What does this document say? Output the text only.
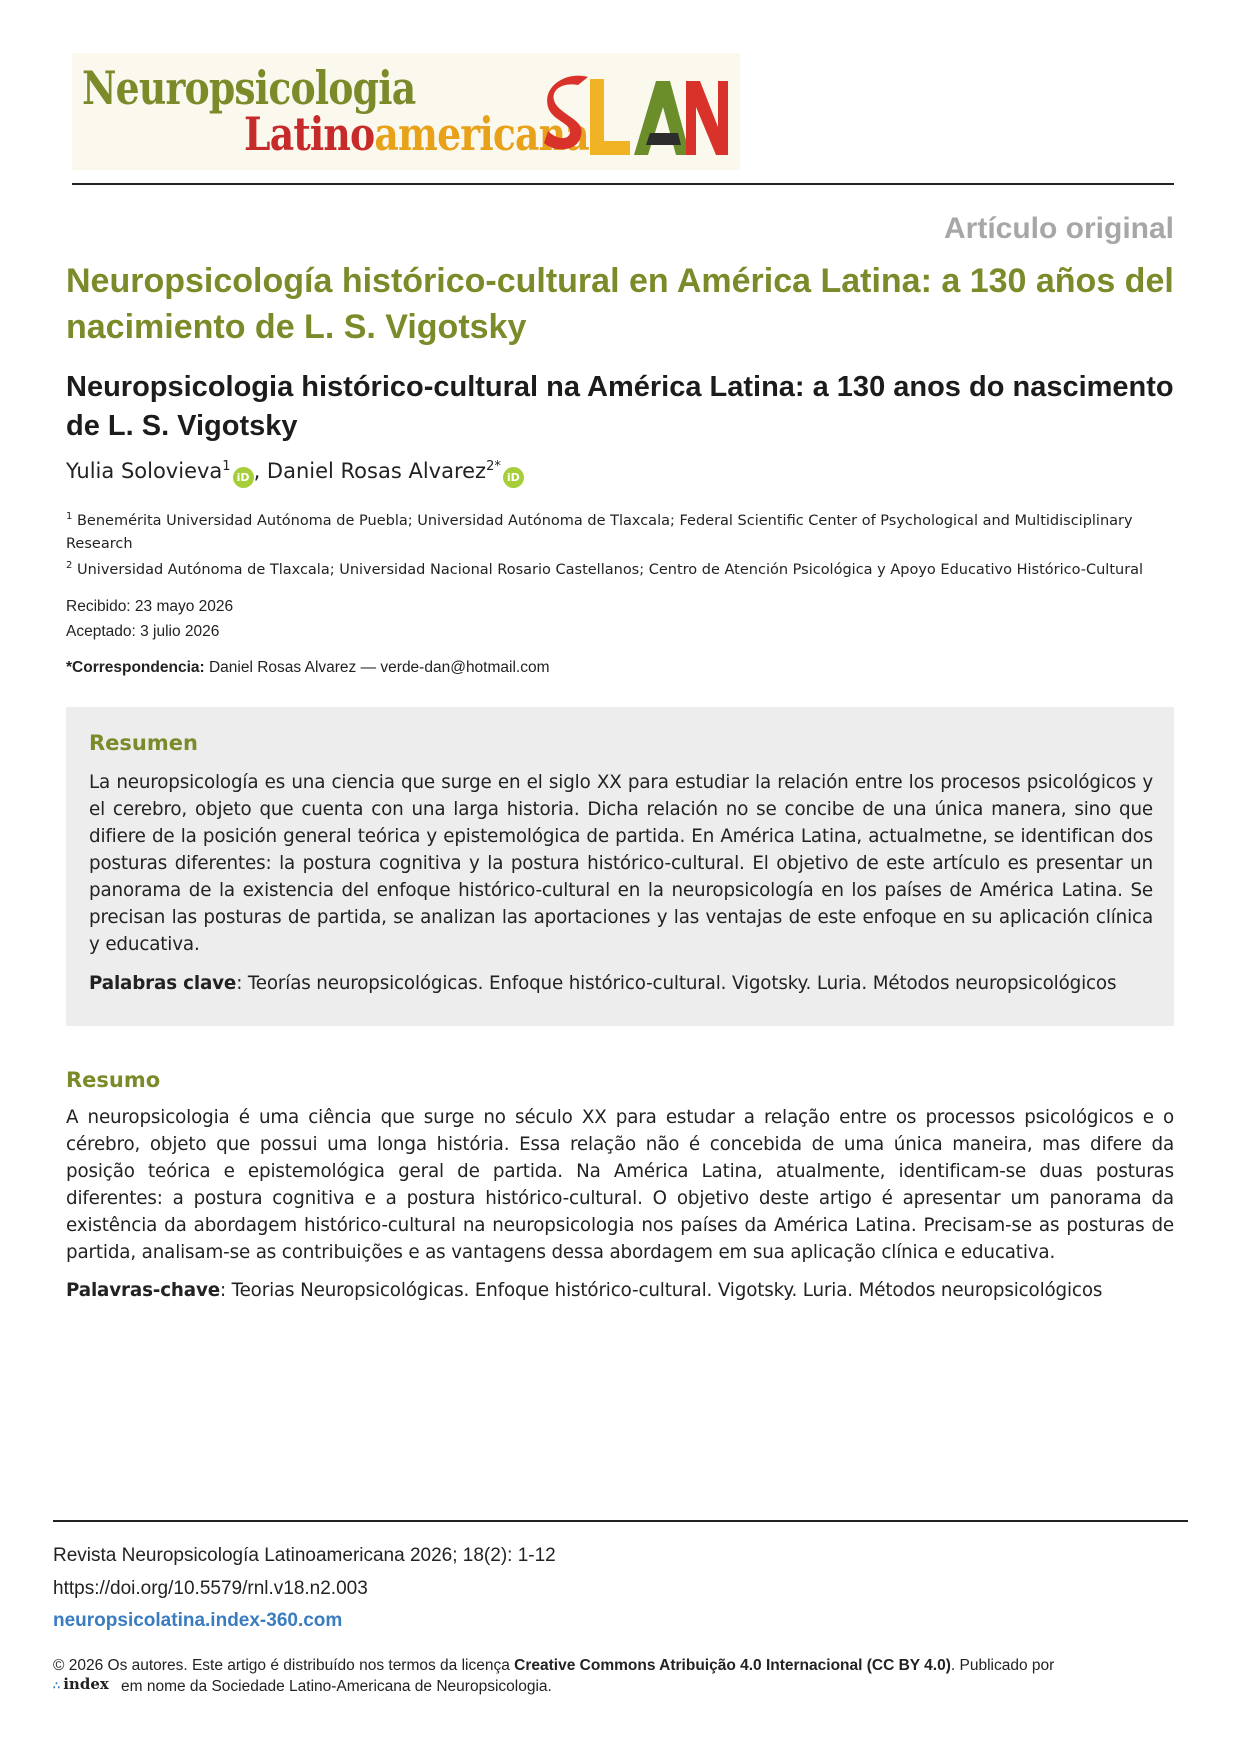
Neuropsicologia
Latinoamericana
Artículo original
Neuropsicología histórico-cultural en América Latina: a 130 años del nacimiento de L. S. Vigotsky
Neuropsicologia histórico-cultural na América Latina: a 130 anos do nascimento de L. S. Vigotsky
Yulia Solovieva$^1$iD , Daniel Rosas Alvarez$^{2*}$iD
$^1$ Benemérita Universidad Autónoma de Puebla; Universidad Autónoma de Tlaxcala; Federal Scientific Center of Psychological and Multidisciplinary Research
$^2$ Universidad Autónoma de Tlaxcala; Universidad Nacional Rosario Castellanos; Centro de Atención Psicológica y Apoyo Educativo Histórico-Cultural
Recibido: 23 mayo 2026
Aceptado: 3 julio 2026
*Correspondencia: Daniel Rosas Alvarez — verde-dan@hotmail.com
Resumen
La neuropsicología es una ciencia que surge en el siglo XX para estudiar la relación entre los procesos psicológicos y el cerebro, objeto que cuenta con una larga historia. Dicha relación no se concibe de una única manera, sino que difiere de la posición general teórica y epistemológica de partida. En América Latina, actualmetne, se identifican dos posturas diferentes: la postura cognitiva y la postura histórico-cultural. El objetivo de este artículo es presentar un panorama de la existencia del enfoque histórico-cultural en la neuropsicología en los países de América Latina. Se precisan las posturas de partida, se analizan las aportaciones y las ventajas de este enfoque en su aplicación clínica y educativa.
Palabras clave: Teorías neuropsicológicas. Enfoque histórico-cultural. Vigotsky. Luria. Métodos neuropsicológicos
Resumo
A neuropsicologia é uma ciência que surge no século XX para estudar a relação entre os processos psicológicos e o cérebro, objeto que possui uma longa história. Essa relação não é concebida de uma única maneira, mas difere da posição teórica e epistemológica geral de partida. Na América Latina, atualmente, identificam-se duas posturas diferentes: a postura cognitiva e a postura histórico-cultural. O objetivo deste artigo é apresentar um panorama da existência da abordagem histórico-cultural na neuropsicologia nos países da América Latina. Precisam-se as posturas de partida, analisam-se as contribuições e as vantagens dessa abordagem em sua aplicação clínica e educativa.
Palavras-chave: Teorias Neuropsicológicas. Enfoque histórico-cultural. Vigotsky. Luria. Métodos neuropsicológicos
Revista Neuropsicología Latinoamericana 2026; 18(2): 1-12
https://doi.org/10.5579/rnl.v18.n2.003
neuropsicolatina.index-360.com
© 2026 Os autores. Este artigo é distribuído nos termos da licença Creative Commons Atribuição 4.0 Internacional (CC BY 4.0). Publicado por
∴ index em nome da Sociedade Latino-Americana de Neuropsicologia.
